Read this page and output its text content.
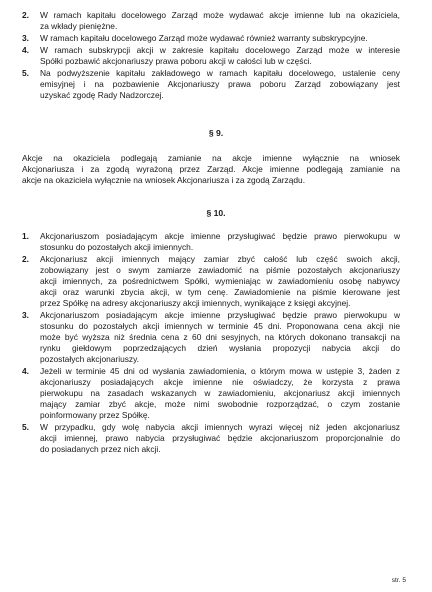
2. W ramach kapitału docelowego Zarząd może wydawać akcje imienne lub na okaziciela,
za wkłady pieniężne.
3. W ramach kapitału docelowego Zarząd może wydawać również warranty subskrypcyjne.
4. W ramach subskrypcji akcji w zakresie kapitału docelowego Zarząd może w interesie
Spółki pozbawić akcjonariuszy prawa poboru akcji w całości lub w części.
5. Na podwyższenie kapitału zakładowego w ramach kapitału docelowego, ustalenie ceny
emisyjnej i na pozbawienie Akcjonariuszy prawa poboru Zarząd zobowiązany jest
uzyskać zgodę Rady Nadzorczej.
§ 9.
Akcje na okaziciela podlegają zamianie na akcje imienne wyłącznie na wniosek
Akcjonariusza i za zgodą wyrażoną przez Zarząd. Akcje imienne podlegają zamianie na
akcje na okaziciela wyłącznie na wniosek Akcjonariusza i za zgodą Zarządu.
§ 10.
1. Akcjonariuszom posiadającym akcje imienne przysługiwać będzie prawo pierwokupu w
stosunku do pozostałych akcji imiennych.
2. Akcjonariusz akcji imiennych mający zamiar zbyć całość lub część swoich akcji,
zobowiązany jest o swym zamiarze zawiadomić na piśmie pozostałych akcjonariuszy
akcji imiennych, za pośrednictwem Spółki, wymieniając w zawiadomieniu osobę nabywcy
akcji oraz warunki zbycia akcji, w tym cenę. Zawiadomienie na piśmie kierowane jest
przez Spółkę na adresy akcjonariuszy akcji imiennych, wynikające z księgi akcyjnej.
3. Akcjonariuszom posiadającym akcje imienne przysługiwać będzie prawo pierwokupu w
stosunku do pozostałych akcji imiennych w terminie 45 dni. Proponowana cena akcji nie
może być wyższa niż średnia cena z 60 dni sesyjnych, na których dokonano transakcji na
rynku giełdowym poprzedzających dzień wysłania propozycji nabycia akcji do
pozostałych akcjonariuszy.
4. Jeżeli w terminie 45 dni od wysłania zawiadomienia, o którym mowa w ustępie 3, żaden z
akcjonariuszy posiadających akcje imienne nie oświadczy, że korzysta z prawa
pierwokupu na zasadach wskazanych w zawiadomieniu, akcjonariusz akcji imiennych
mający zamiar zbyć akcje, może nimi swobodnie rozporządzać, o czym zostanie
poinformowany przez Spółkę.
5. W przypadku, gdy wolę nabycia akcji imiennych wyrazi więcej niż jeden akcjonariusz
akcji imiennej, prawo nabycia przysługiwać będzie akcjonariuszom proporcjonalnie do
do posiadanych przez nich akcji.
str. 5
